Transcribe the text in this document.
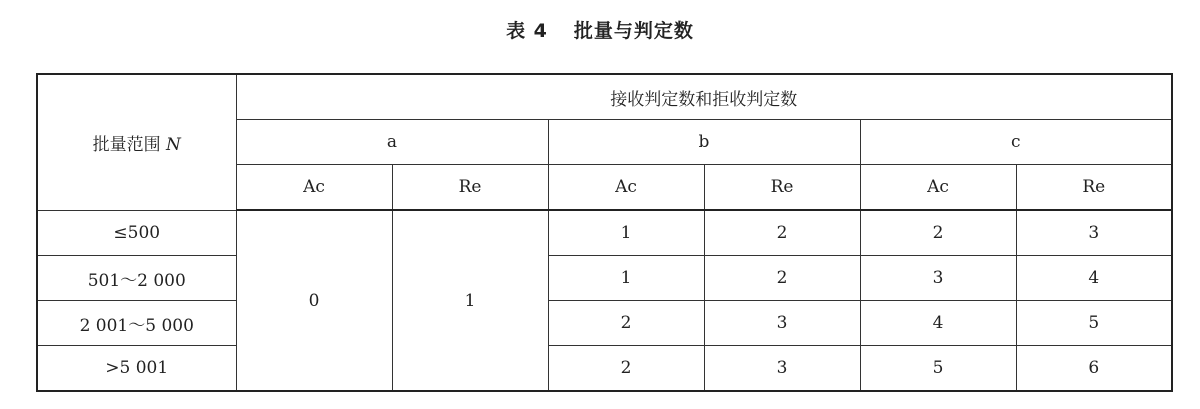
表 4 批量与判定数
批量范围 N	接收判定数和拒收判定数					
	a		b		c	
	Ac	Re	Ac	Re	Ac	Re
≤500	0	1	1	2	2	3
501～2 000			1	2	3	4
2 001～5 000			2	3	4	5
>5 001			2	3	5	6
